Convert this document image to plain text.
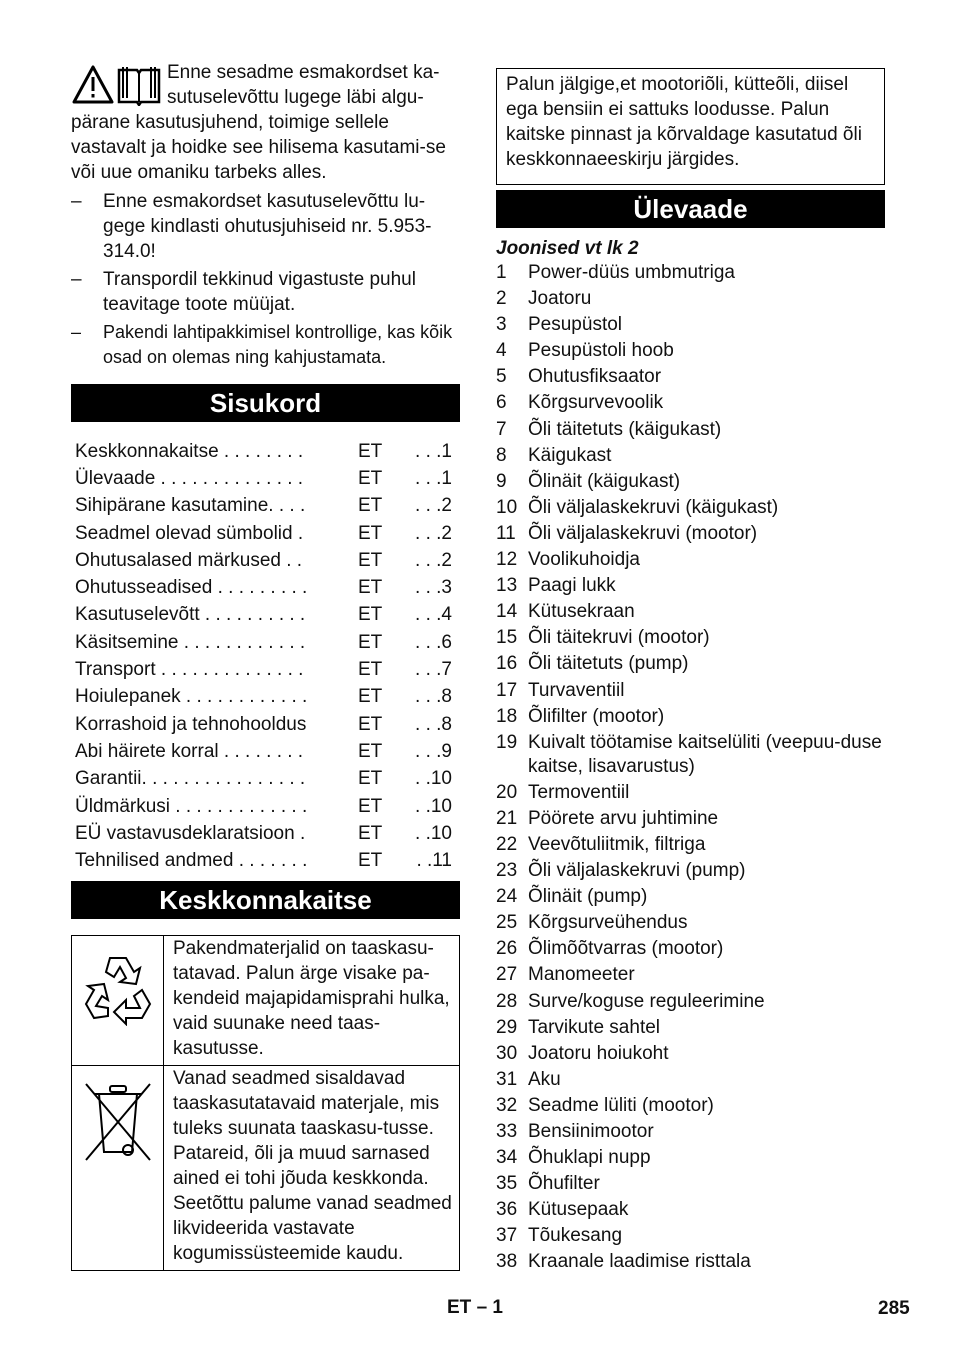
Enne sesadme esmakordset ka-sutuselevõttu lugege läbi algu-pärane kasutusjuhend, toimige sellele vastavalt ja hoidke see hilisema kasutami-se või uue omaniku tarbeks alles.

– Enne esmakordset kasutuselevõttu lu-gege kindlasti ohutusjuhiseid nr. 5.953-314.0!
– Transpordil tekkinud vigastuste puhul teavitage toote müüjat.
– Pakendi lahtipakkimisel kontrollige, kas kõik osad on olemas ning kahjustamata.
Sisukord
Keskkonnakaitse . . . . . . . .	ET	. . .1
Ülevaade . . . . . . . . . . . . . .	ET	. . .1
Sihipärane kasutamine. . . .	ET	. . .2
Seadmel olevad sümbolid .	ET	. . .2
Ohutusalased märkused . .	ET	. . .2
Ohutusseadised . . . . . . . . .	ET	. . .3
Kasutuselevõtt . . . . . . . . . .	ET	. . .4
Käsitsemine . . . . . . . . . . . .	ET	. . .6
Transport . . . . . . . . . . . . . .	ET	. . .7
Hoiulepanek . . . . . . . . . . . .	ET	. . .8
Korrashoid ja tehnohooldus	ET	. . .8
Abi häirete korral . . . . . . . .	ET	. . .9
Garantii. . . . . . . . . . . . . . . .	ET	. .10
Üldmärkusi . . . . . . . . . . . . .	ET	. .10
EÜ vastavusdeklaratsioon .	ET	. .10
Tehnilised andmed . . . . . . .	ET	. .11
Keskkonnakaitse
	Pakendmaterjalid on taaskasu-tatavad. Palun ärge visake pa-kendeid majapidamisprahi hulka, vaid suunake need taas-kasutusse.
	Vanad seadmed sisaldavad taaskasutatavaid materjale, mis tuleks suunata taaskasu-tusse. Patareid, õli ja muud sarnased ained ei tohi jõuda keskkonda. Seetõttu palume vanad seadmed likvideerida vastavate kogumissüsteemide kaudu.
Palun jälgige,et mootoriõli, kütteõli, diisel ega bensiin ei sattuks loodusse. Palun kaitske pinnast ja kõrvaldage kasutatud õli keskkonnaeeskirju järgides.
Ülevaade
Joonised vt lk 2
1	Power-düüs umbmutriga
2	Joatoru
3	Pesupüstol
4	Pesupüstoli hoob
5	Ohutusfiksaator
6	Kõrgsurvevoolik
7	Õli täitetuts (käigukast)
8	Käigukast
9	Õlinäit (käigukast)
10 Õli väljalaskekruvi (käigukast)
11 Õli väljalaskekruvi (mootor)
12 Voolikuhoidja
13 Paagi lukk
14 Kütusekraan
15 Õli täitekruvi (mootor)
16 Õli täitetuts (pump)
17 Turvaventiil
18 Õlifilter (mootor)
19 Kuivalt töötamise kaitselüliti (veepuu-duse kaitse, lisavarustus)
20 Termoventiil
21 Pöörete arvu juhtimine
22 Veevõtuliitmik, filtriga
23 Õli väljalaskekruvi (pump)
24 Õlinäit (pump)
25 Kõrgsurveühendus
26 Õlimõõtvarras (mootor)
27 Manomeeter
28 Surve/koguse reguleerimine
29 Tarvikute sahtel
30 Joatoru hoiukoht
31 Aku
32 Seadme lüliti (mootor)
33 Bensiinimootor
34 Õhuklapi nupp
35 Õhufilter
36 Kütusepaak
37 Tõukesang
38 Kraanale laadimise risttala
ET – 1	285
